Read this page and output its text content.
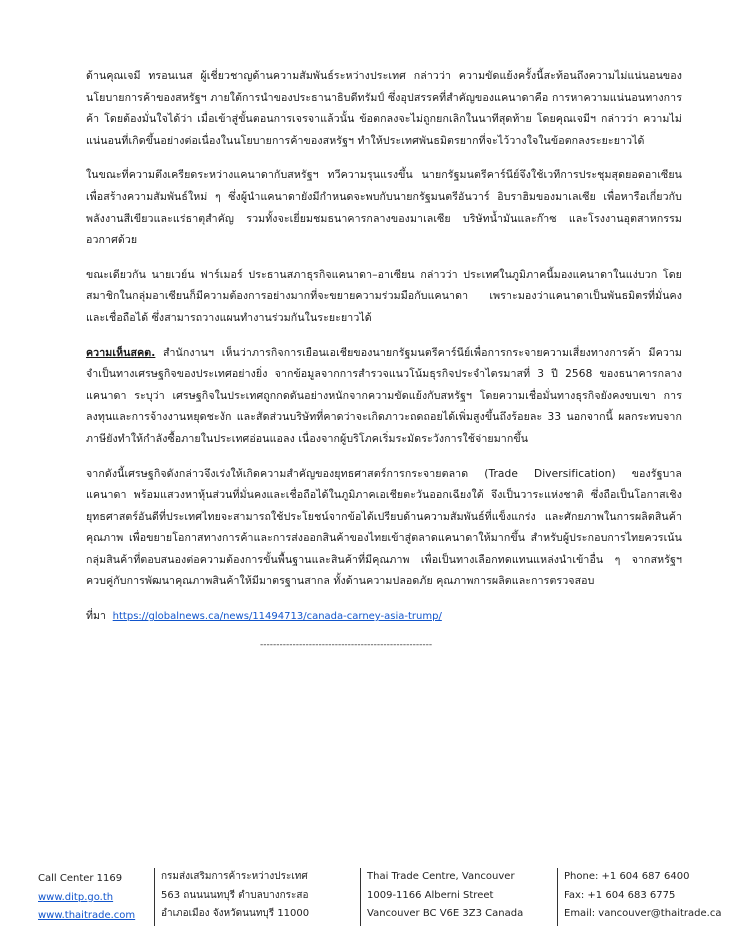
ด้านคุณเจมี ทรอนเนส ผู้เชี่ยวชาญด้านความสัมพันธ์ระหว่างประเทศ กล่าวว่า ความขัดแย้งครั้งนี้สะท้อนถึงความไม่แน่นอนของนโยบายการค้าของสหรัฐฯ ภายใต้การนำของประธานาธิบดีทรัมป์ ซึ่งอุปสรรคที่สำคัญของแคนาดาคือ การหาความแน่นอนทางการค้า โดยต้องมั่นใจได้ว่า เมื่อเข้าสู่ขั้นตอนการเจรจาแล้วนั้น ข้อตกลงจะไม่ถูกยกเลิกในนาทีสุดท้าย โดยคุณเจมีฯ กล่าวว่า ความไม่แน่นอนที่เกิดขึ้นอย่างต่อเนื่องในนโยบายการค้าของสหรัฐฯ ทำให้ประเทศพันธมิตรยากที่จะไว้วางใจในข้อตกลงระยะยาวได้

ในขณะที่ความตึงเครียดระหว่างแคนาดากับสหรัฐฯ ทวีความรุนแรงขึ้น นายกรัฐมนตรีคาร์นีย์จึงใช้เวทีการประชุมสุดยอดอาเซียนเพื่อสร้างความสัมพันธ์ใหม่ ๆ ซึ่งผู้นำแคนาดายังมีกำหนดจะพบกับนายกรัฐมนตรีอันวาร์ อิบราฮิมของมาเลเซีย เพื่อหารือเกี่ยวกับพลังงานสีเขียวและแร่ธาตุสำคัญ รวมทั้งจะเยี่ยมชมธนาคารกลางของมาเลเซีย บริษัทน้ำมันและก๊าซ และโรงงานอุตสาหกรรมอวกาศด้วย

ขณะเดียวกัน นายเวย์น ฟาร์เมอร์ ประธานสภาธุรกิจแคนาดา–อาเซียน กล่าวว่า ประเทศในภูมิภาคนี้มองแคนาดาในแง่บวก โดยสมาชิกในกลุ่มอาเซียนก็มีความต้องการอย่างมากที่จะขยายความร่วมมือกับแคนาดา เพราะมองว่าแคนาดาเป็นพันธมิตรที่มั่นคงและเชื่อถือได้ ซึ่งสามารถวางแผนทำงานร่วมกันในระยะยาวได้

ความเห็นสคต. สำนักงานฯ เห็นว่าภารกิจการเยือนเอเชียของนายกรัฐมนตรีคาร์นีย์เพื่อการกระจายความเสี่ยงทางการค้า มีความจำเป็นทางเศรษฐกิจของประเทศอย่างยิ่ง จากข้อมูลจากการสำรวจแนวโน้มธุรกิจประจำไตรมาสที่ 3 ปี 2568 ของธนาคารกลางแคนาดา ระบุว่า เศรษฐกิจในประเทศถูกกดดันอย่างหนักจากความขัดแย้งกับสหรัฐฯ โดยความเชื่อมั่นทางธุรกิจยังคงขบเขา การลงทุนและการจ้างงานหยุดชะงัก และสัดส่วนบริษัทที่คาดว่าจะเกิดภาวะถดถอยได้เพิ่มสูงขึ้นถึงร้อยละ 33 นอกจากนี้ ผลกระทบจากภาษียังทำให้กำลังซื้อภายในประเทศอ่อนแอลง เนื่องจากผู้บริโภคเริ่มระมัดระวังการใช้จ่ายมากขึ้น

จากดังนี้เศรษฐกิจดังกล่าวจึงเร่งให้เกิดความสำคัญของยุทธศาสตร์การกระจายตลาด (Trade Diversification) ของรัฐบาลแคนาดา พร้อมแสวงหาหุ้นส่วนที่มั่นคงและเชื่อถือได้ในภูมิภาคเอเชียตะวันออกเฉียงใต้ จึงเป็นวาระแห่งชาติ ซึ่งถือเป็นโอกาสเชิงยุทธศาสตร์อันดีที่ประเทศไทยจะสามารถใช้ประโยชน์จากข้อได้เปรียบด้านความสัมพันธ์ที่แข็งแกร่ง และศักยภาพในการผลิตสินค้าคุณภาพ เพื่อขยายโอกาสทางการค้าและการส่งออกสินค้าของไทยเข้าสู่ตลาดแคนาดาให้มากขึ้น สำหรับผู้ประกอบการไทยควรเน้นกลุ่มสินค้าที่ตอบสนองต่อความต้องการขั้นพื้นฐานและสินค้าที่มีคุณภาพ เพื่อเป็นทางเลือกทดแทนแหล่งนำเข้าอื่น ๆ จากสหรัฐฯ ควบคู่กับการพัฒนาคุณภาพสินค้าให้มีมาตรฐานสากล ทั้งด้านความปลอดภัย คุณภาพการผลิตและการตรวจสอบ

ที่มา https://globalnews.ca/news/11494713/canada-carney-asia-trump/
-----------------------------------------------------
Call Center 1169
www.ditp.go.th
www.thaitrade.com
กรมส่งเสริมการค้าระหว่างประเทศ
563 ถนนนนทบุรี ตำบลบางกระสอ
อำเภอเมือง จังหวัดนนทบุรี 11000
Thai Trade Centre, Vancouver
1009-1166 Alberni Street
Vancouver BC V6E 3Z3 Canada
Phone: +1 604 687 6400
Fax: +1 604 683 6775
Email: vancouver@thaitrade.ca
